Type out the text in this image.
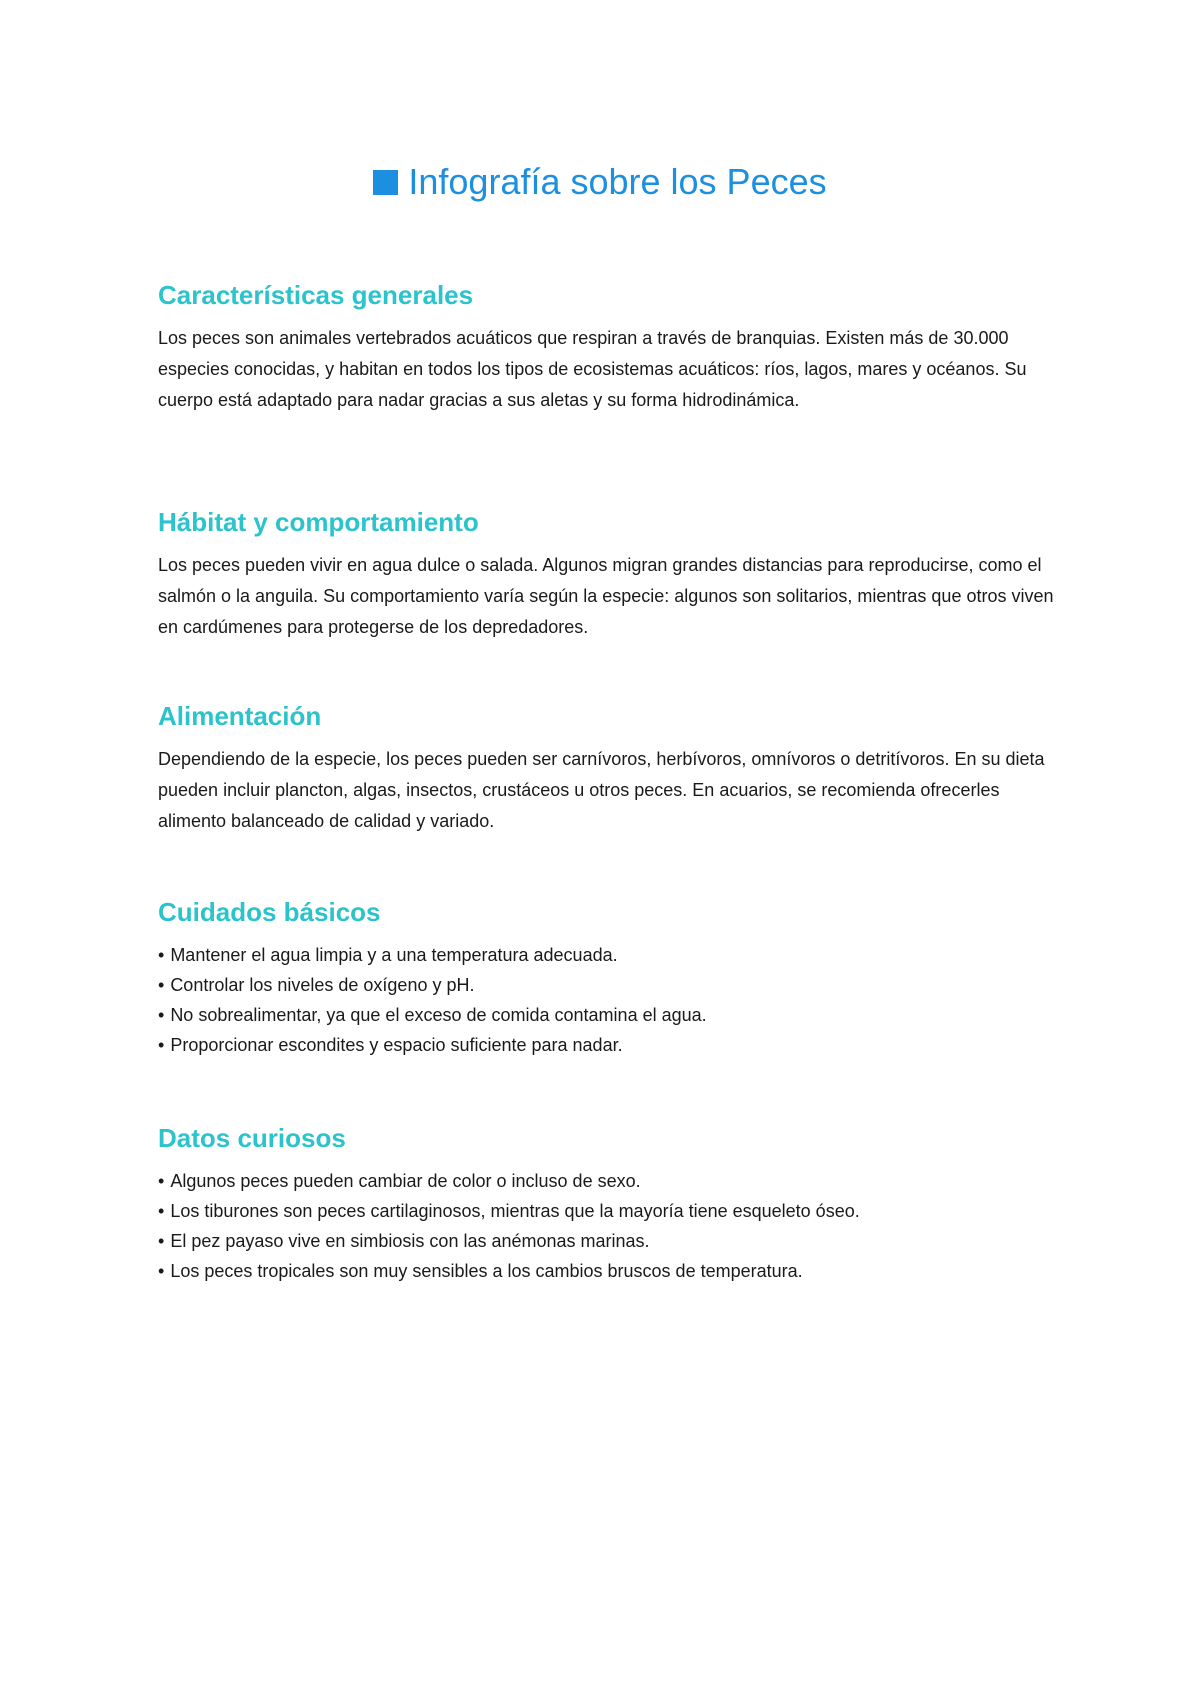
Infografía sobre los Peces
Características generales

Los peces son animales vertebrados acuáticos que respiran a través de branquias. Existen más de 30.000 especies conocidas, y habitan en todos los tipos de ecosistemas acuáticos: ríos, lagos, mares y océanos. Su cuerpo está adaptado para nadar gracias a sus aletas y su forma hidrodinámica.

Hábitat y comportamiento

Los peces pueden vivir en agua dulce o salada. Algunos migran grandes distancias para reproducirse, como el salmón o la anguila. Su comportamiento varía según la especie: algunos son solitarios, mientras que otros viven en cardúmenes para protegerse de los depredadores.

Alimentación

Dependiendo de la especie, los peces pueden ser carnívoros, herbívoros, omnívoros o detritívoros. En su dieta pueden incluir plancton, algas, insectos, crustáceos u otros peces. En acuarios, se recomienda ofrecerles alimento balanceado de calidad y variado.

Cuidados básicos
• Mantener el agua limpia y a una temperatura adecuada.
• Controlar los niveles de oxígeno y pH.
• No sobrealimentar, ya que el exceso de comida contamina el agua.
• Proporcionar escondites y espacio suficiente para nadar.
Datos curiosos
• Algunos peces pueden cambiar de color o incluso de sexo.
• Los tiburones son peces cartilaginosos, mientras que la mayoría tiene esqueleto óseo.
• El pez payaso vive en simbiosis con las anémonas marinas.
• Los peces tropicales son muy sensibles a los cambios bruscos de temperatura.
